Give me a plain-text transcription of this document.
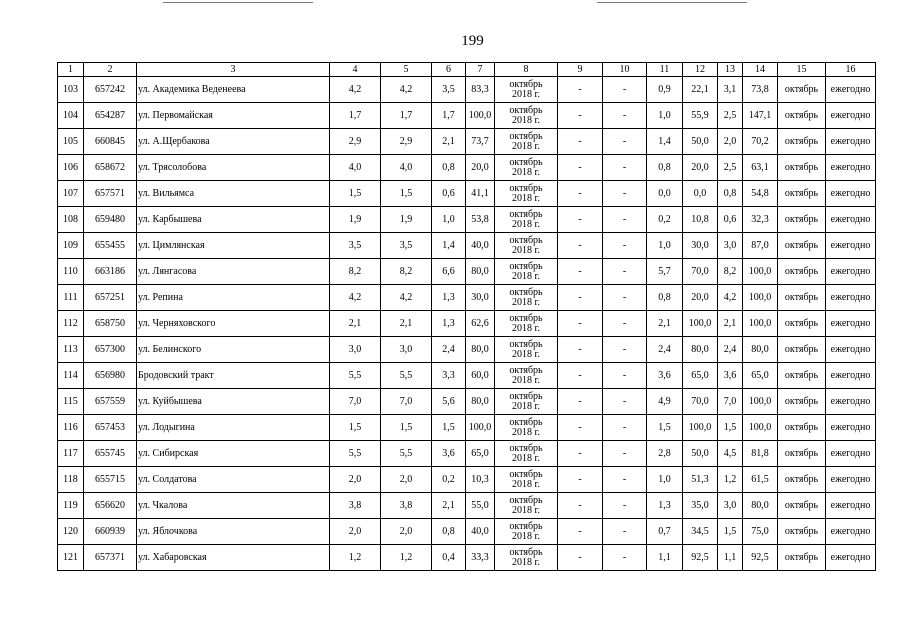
199
1	2	3	4	5	6	7	8	9	10	11	12	13	14	15	16
103	657242	ул. Академика Веденеева	4,2	4,2	3,5	83,3	октябрь
2018 г.	-	-	0,9	22,1	3,1	73,8	октябрь	ежегодно
104	654287	ул. Первомайская	1,7	1,7	1,7	100,0	октябрь
2018 г.	-	-	1,0	55,9	2,5	147,1	октябрь	ежегодно
105	660845	ул. А.Щербакова	2,9	2,9	2,1	73,7	октябрь
2018 г.	-	-	1,4	50,0	2,0	70,2	октябрь	ежегодно
106	658672	ул. Трясолобова	4,0	4,0	0,8	20,0	октябрь
2018 г.	-	-	0,8	20,0	2,5	63,1	октябрь	ежегодно
107	657571	ул. Вильямса	1,5	1,5	0,6	41,1	октябрь
2018 г.	-	-	0,0	0,0	0,8	54,8	октябрь	ежегодно
108	659480	ул. Карбышева	1,9	1,9	1,0	53,8	октябрь
2018 г.	-	-	0,2	10,8	0,6	32,3	октябрь	ежегодно
109	655455	ул. Цимлянская	3,5	3,5	1,4	40,0	октябрь
2018 г.	-	-	1,0	30,0	3,0	87,0	октябрь	ежегодно
110	663186	ул. Лянгасова	8,2	8,2	6,6	80,0	октябрь
2018 г.	-	-	5,7	70,0	8,2	100,0	октябрь	ежегодно
111	657251	ул. Репина	4,2	4,2	1,3	30,0	октябрь
2018 г.	-	-	0,8	20,0	4,2	100,0	октябрь	ежегодно
112	658750	ул. Черняховского	2,1	2,1	1,3	62,6	октябрь
2018 г.	-	-	2,1	100,0	2,1	100,0	октябрь	ежегодно
113	657300	ул. Белинского	3,0	3,0	2,4	80,0	октябрь
2018 г.	-	-	2,4	80,0	2,4	80,0	октябрь	ежегодно
114	656980	Бродовский тракт	5,5	5,5	3,3	60,0	октябрь
2018 г.	-	-	3,6	65,0	3,6	65,0	октябрь	ежегодно
115	657559	ул. Куйбышева	7,0	7,0	5,6	80,0	октябрь
2018 г.	-	-	4,9	70,0	7,0	100,0	октябрь	ежегодно
116	657453	ул. Лодыгина	1,5	1,5	1,5	100,0	октябрь
2018 г.	-	-	1,5	100,0	1,5	100,0	октябрь	ежегодно
117	655745	ул. Сибирская	5,5	5,5	3,6	65,0	октябрь
2018 г.	-	-	2,8	50,0	4,5	81,8	октябрь	ежегодно
118	655715	ул. Солдатова	2,0	2,0	0,2	10,3	октябрь
2018 г.	-	-	1,0	51,3	1,2	61,5	октябрь	ежегодно
119	656620	ул. Чкалова	3,8	3,8	2,1	55,0	октябрь
2018 г.	-	-	1,3	35,0	3,0	80,0	октябрь	ежегодно
120	660939	ул. Яблочкова	2,0	2,0	0,8	40,0	октябрь
2018 г.	-	-	0,7	34,5	1,5	75,0	октябрь	ежегодно
121	657371	ул. Хабаровская	1,2	1,2	0,4	33,3	октябрь
2018 г.	-	-	1,1	92,5	1,1	92,5	октябрь	ежегодно
